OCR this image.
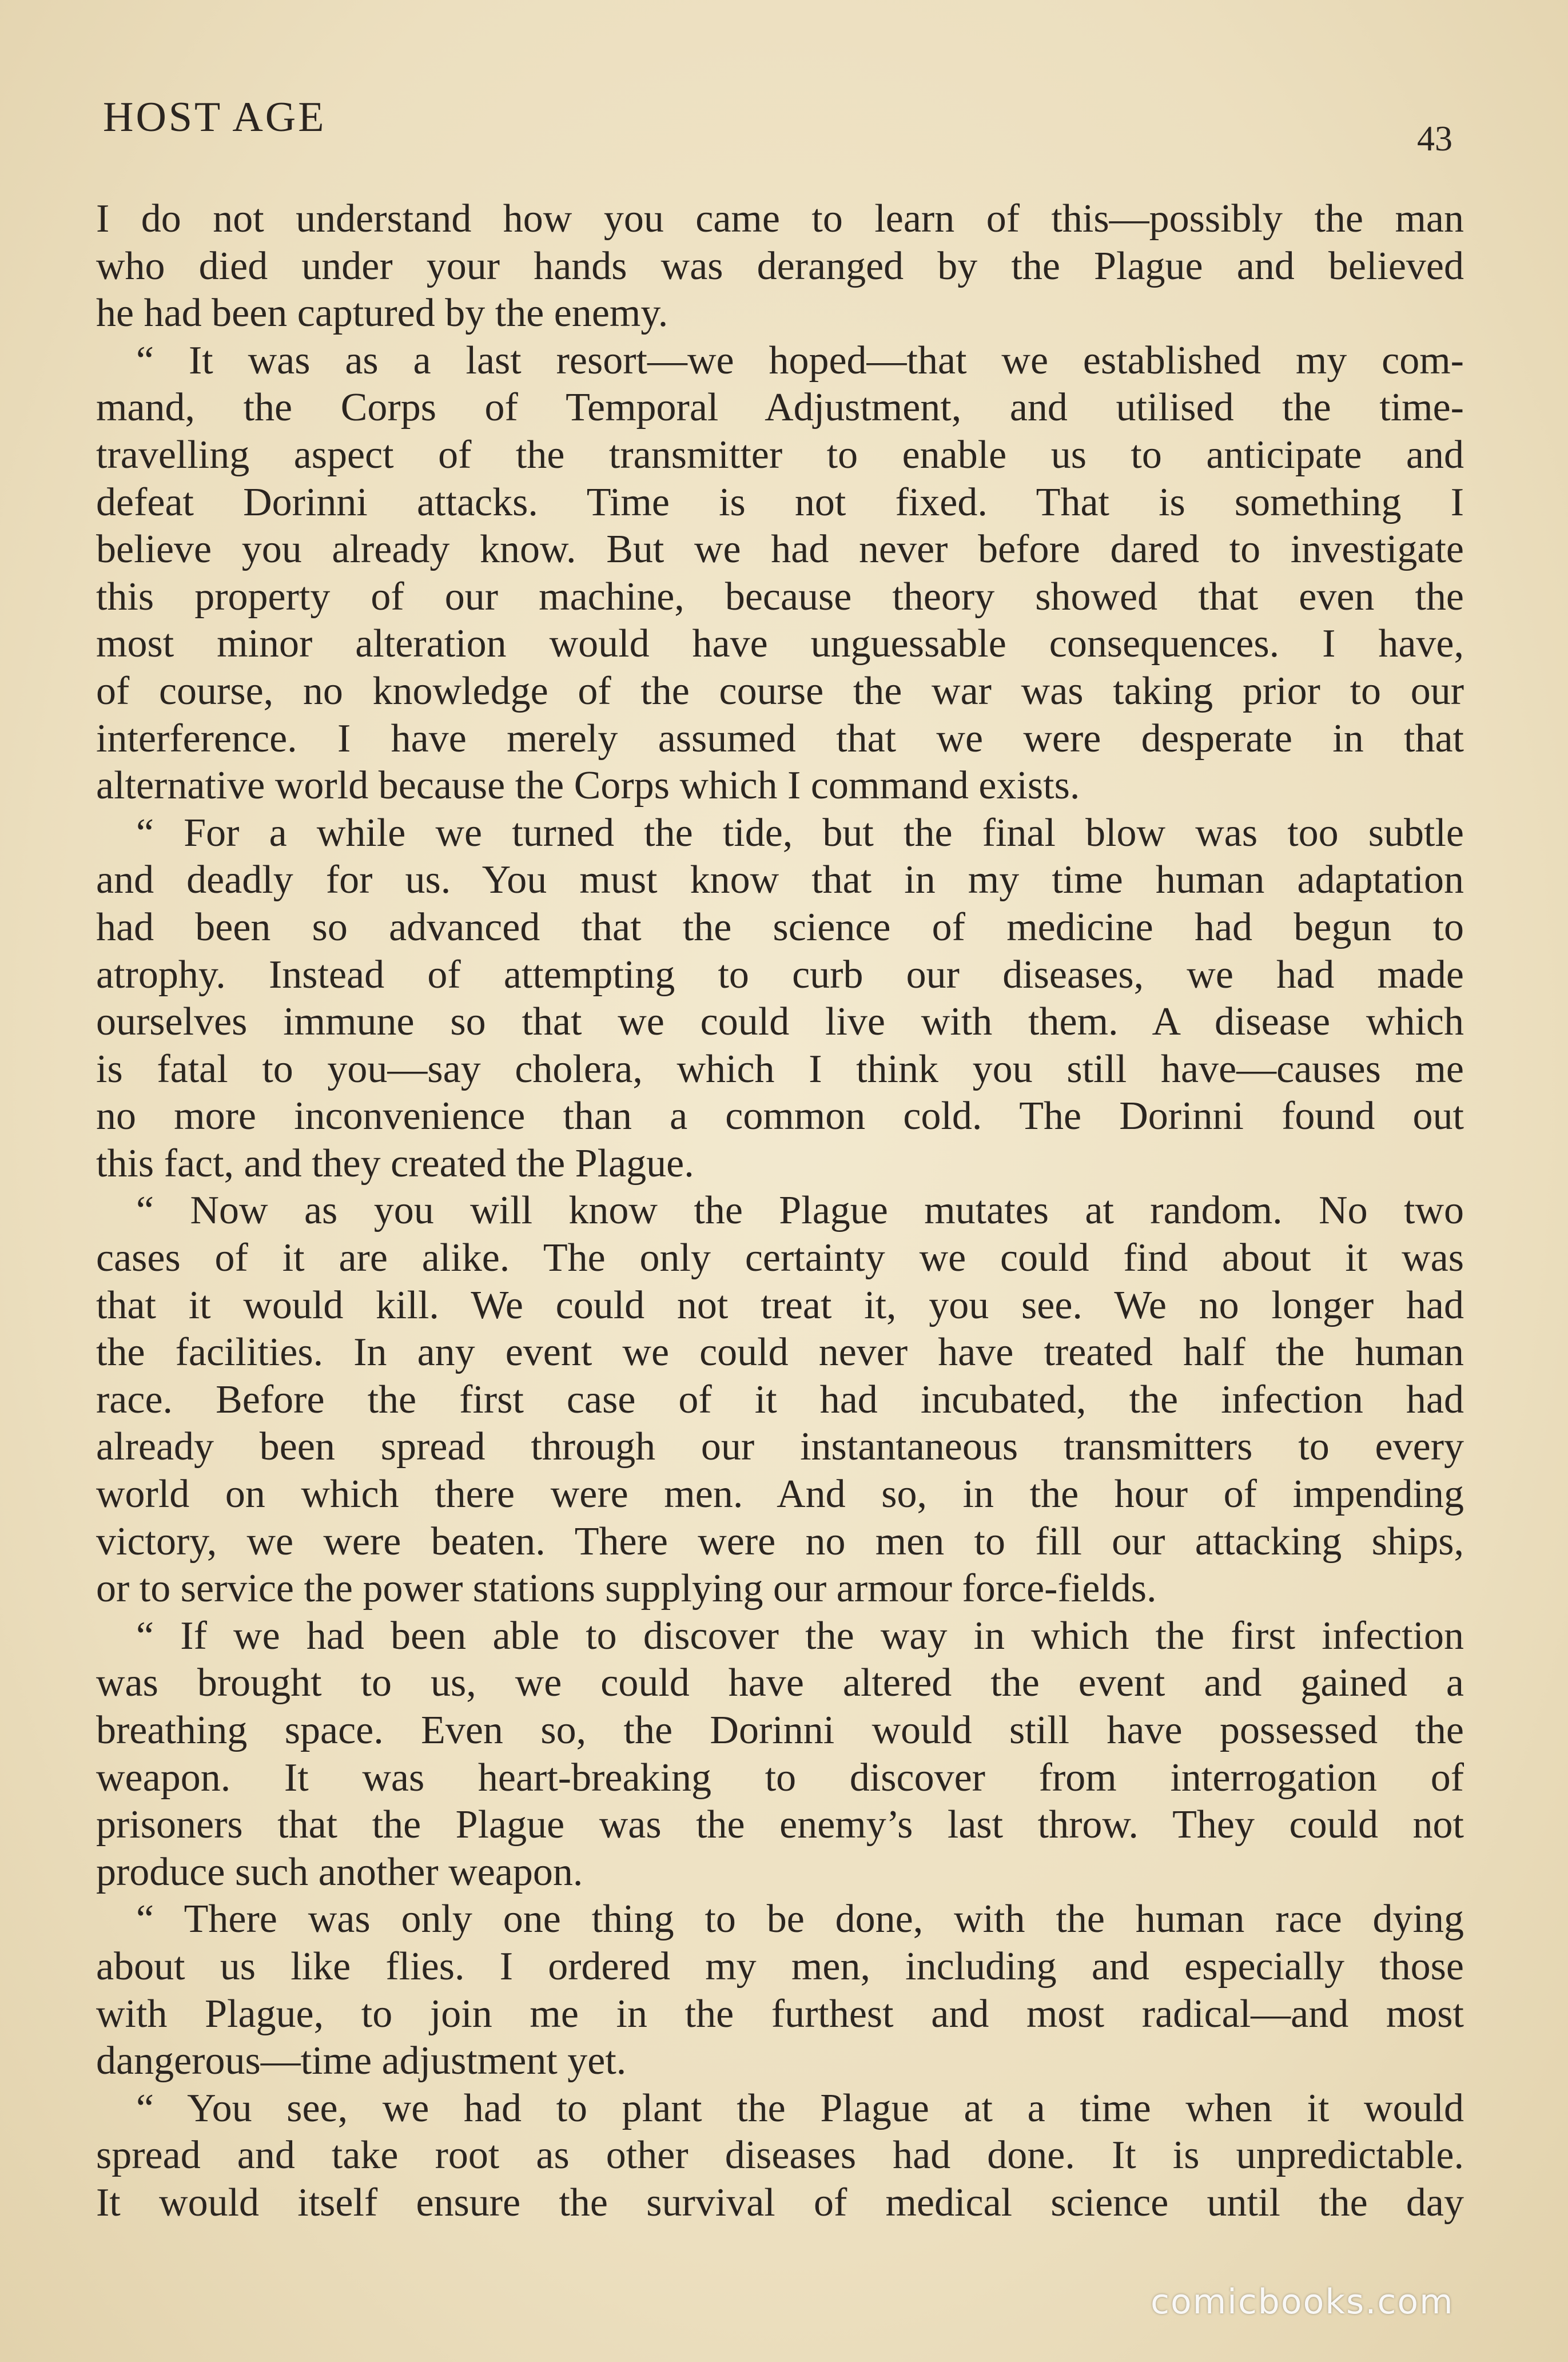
HOST AGE	43
I do not understand how you came to learn of this—possibly the man
who died under your hands was deranged by the Plague and believed
he had been captured by the enemy.
“ It was as a last resort—we hoped—that we established my com-
mand, the Corps of Temporal Adjustment, and utilised the time-
travelling aspect of the transmitter to enable us to anticipate and
defeat Dorinni attacks. Time is not fixed. That is something I
believe you already know. But we had never before dared to investigate
this property of our machine, because theory showed that even the
most minor alteration would have unguessable consequences. I have,
of course, no knowledge of the course the war was taking prior to our
interference. I have merely assumed that we were desperate in that
alternative world because the Corps which I command exists.
“ For a while we turned the tide, but the final blow was too subtle
and deadly for us. You must know that in my time human adaptation
had been so advanced that the science of medicine had begun to
atrophy. Instead of attempting to curb our diseases, we had made
ourselves immune so that we could live with them. A disease which
is fatal to you—say cholera, which I think you still have—causes me
no more inconvenience than a common cold. The Dorinni found out
this fact, and they created the Plague.
“ Now as you will know the Plague mutates at random. No two
cases of it are alike. The only certainty we could find about it was
that it would kill. We could not treat it, you see. We no longer had
the facilities. In any event we could never have treated half the human
race. Before the first case of it had incubated, the infection had
already been spread through our instantaneous transmitters to every
world on which there were men. And so, in the hour of impending
victory, we were beaten. There were no men to fill our attacking ships,
or to service the power stations supplying our armour force-fields.
“ If we had been able to discover the way in which the first infection
was brought to us, we could have altered the event and gained a
breathing space. Even so, the Dorinni would still have possessed the
weapon. It was heart-breaking to discover from interrogation of
prisoners that the Plague was the enemy’s last throw. They could not
produce such another weapon.
“ There was only one thing to be done, with the human race dying
about us like flies. I ordered my men, including and especially those
with Plague, to join me in the furthest and most radical—and most
dangerous—time adjustment yet.
“ You see, we had to plant the Plague at a time when it would
spread and take root as other diseases had done. It is unpredictable.
It would itself ensure the survival of medical science until the day
comicbooks.com
